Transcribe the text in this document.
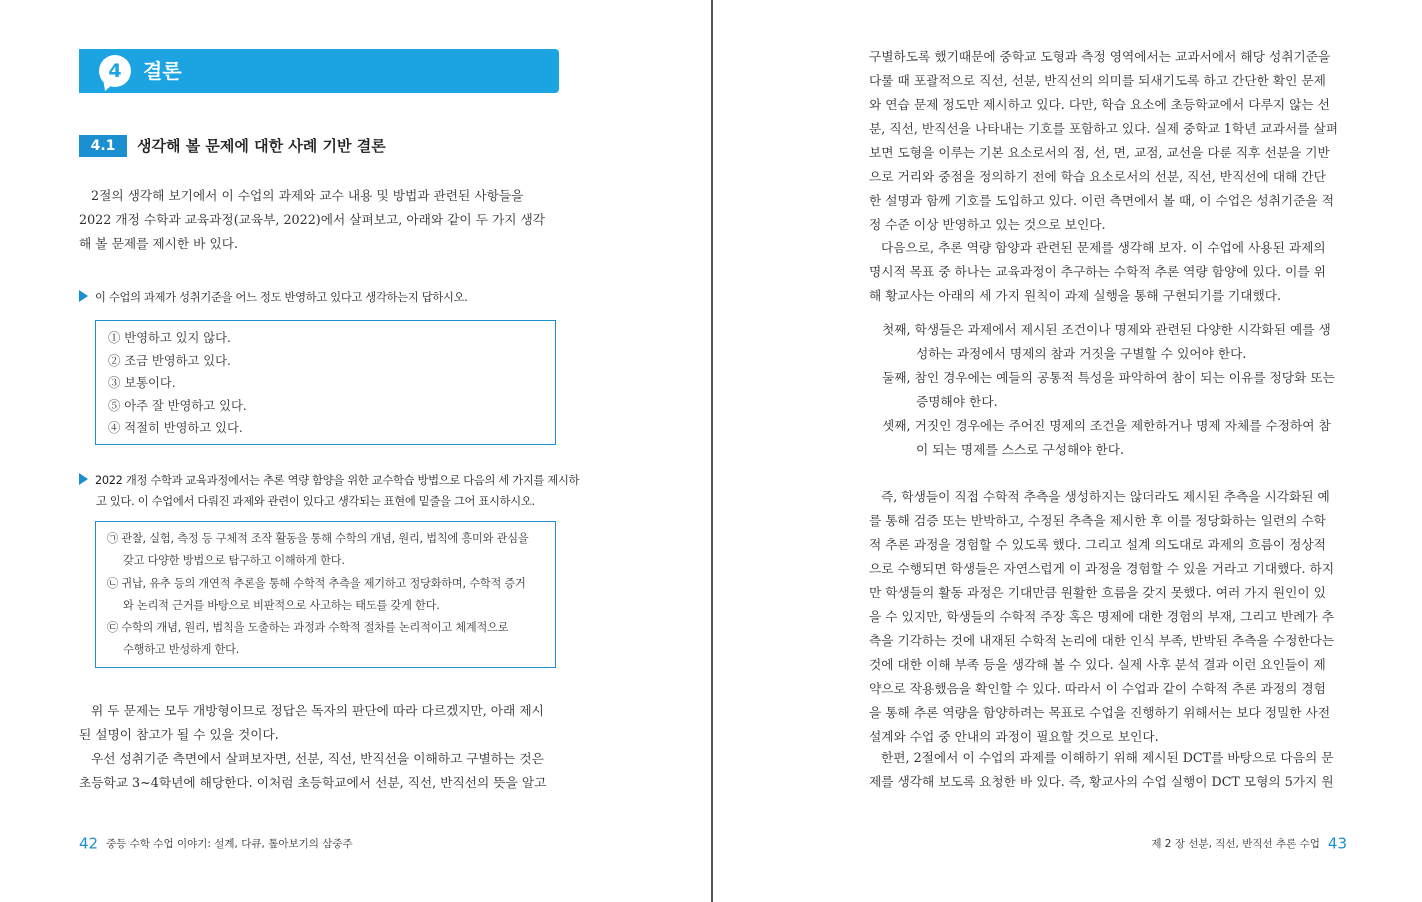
4	결론
4.1 생각해 볼 문제에 대한 사례 기반 결론
2절의 생각해 보기에서 이 수업의 과제와 교수 내용 및 방법과 관련된 사항들을
2022 개정 수학과 교육과정(교육부, 2022)에서 살펴보고, 아래와 같이 두 가지 생각
해 볼 문제를 제시한 바 있다.
이 수업의 과제가 성취기준을 어느 정도 반영하고 있다고 생각하는지 답하시오.
① 반영하고 있지 않다.
② 조금 반영하고 있다.
③ 보통이다.
⑤ 아주 잘 반영하고 있다.
④ 적절히 반영하고 있다.
2022 개정 수학과 교육과정에서는 추론 역량 함양을 위한 교수학습 방법으로 다음의 세 가지를 제시하
고 있다. 이 수업에서 다뤄진 과제와 관련이 있다고 생각되는 표현에 밑줄을 그어 표시하시오.
㉠ 관찰, 실험, 측정 등 구체적 조작 활동을 통해 수학의 개념, 원리, 법칙에 흥미와 관심을
갖고 다양한 방법으로 탐구하고 이해하게 한다.
㉡ 귀납, 유추 등의 개연적 추론을 통해 수학적 추측을 제기하고 정당화하며, 수학적 증거
와 논리적 근거를 바탕으로 비판적으로 사고하는 태도를 갖게 한다.
㉢ 수학의 개념, 원리, 법칙을 도출하는 과정과 수학적 절차를 논리적이고 체계적으로
수행하고 반성하게 한다.
위 두 문제는 모두 개방형이므로 정답은 독자의 판단에 따라 다르겠지만, 아래 제시
된 설명이 참고가 될 수 있을 것이다.
우선 성취기준 측면에서 살펴보자면, 선분, 직선, 반직선을 이해하고 구별하는 것은
초등학교 3~4학년에 해당한다. 이처럼 초등학교에서 선분, 직선, 반직선의 뜻을 알고
42 중등 수학 수업 이야기: 설계, 다큐, 톺아보기의 삼중주
구별하도록 했기때문에 중학교 도형과 측정 영역에서는 교과서에서 해당 성취기준을
다룰 때 포괄적으로 직선, 선분, 반직선의 의미를 되새기도록 하고 간단한 확인 문제
와 연습 문제 정도만 제시하고 있다. 다만, 학습 요소에 초등학교에서 다루지 않는 선
분, 직선, 반직선을 나타내는 기호를 포함하고 있다. 실제 중학교 1학년 교과서를 살펴
보면 도형을 이루는 기본 요소로서의 점, 선, 면, 교점, 교선을 다룬 직후 선분을 기반
으로 거리와 중점을 정의하기 전에 학습 요소로서의 선분, 직선, 반직선에 대해 간단
한 설명과 함께 기호를 도입하고 있다. 이런 측면에서 볼 때, 이 수업은 성취기준을 적
정 수준 이상 반영하고 있는 것으로 보인다.
다음으로, 추론 역량 함양과 관련된 문제를 생각해 보자. 이 수업에 사용된 과제의
명시적 목표 중 하나는 교육과정이 추구하는 수학적 추론 역량 함양에 있다. 이를 위
해 황교사는 아래의 세 가지 원칙이 과제 실행을 통해 구현되기를 기대했다.
첫째, 학생들은 과제에서 제시된 조건이나 명제와 관련된 다양한 시각화된 예를 생
성하는 과정에서 명제의 참과 거짓을 구별할 수 있어야 한다.
둘째, 참인 경우에는 예들의 공통적 특성을 파악하여 참이 되는 이유를 정당화 또는
증명해야 한다.
셋째, 거짓인 경우에는 주어진 명제의 조건을 제한하거나 명제 자체를 수정하여 참
이 되는 명제를 스스로 구성해야 한다.
즉, 학생들이 직접 수학적 추측을 생성하지는 않더라도 제시된 추측을 시각화된 예
를 통해 검증 또는 반박하고, 수정된 추측을 제시한 후 이를 정당화하는 일련의 수학
적 추론 과정을 경험할 수 있도록 했다. 그리고 설계 의도대로 과제의 흐름이 정상적
으로 수행되면 학생들은 자연스럽게 이 과정을 경험할 수 있을 거라고 기대했다. 하지
만 학생들의 활동 과정은 기대만큼 원활한 흐름을 갖지 못했다. 여러 가지 원인이 있
을 수 있지만, 학생들의 수학적 주장 혹은 명제에 대한 경험의 부재, 그리고 반례가 추
측을 기각하는 것에 내재된 수학적 논리에 대한 인식 부족, 반박된 추측을 수정한다는
것에 대한 이해 부족 등을 생각해 볼 수 있다. 실제 사후 분석 결과 이런 요인들이 제
약으로 작용했음을 확인할 수 있다. 따라서 이 수업과 같이 수학적 추론 과정의 경험
을 통해 추론 역량을 함양하려는 목표로 수업을 진행하기 위해서는 보다 정밀한 사전
설계와 수업 중 안내의 과정이 필요할 것으로 보인다.
한편, 2절에서 이 수업의 과제를 이해하기 위해 제시된 DCT를 바탕으로 다음의 문
제를 생각해 보도록 요청한 바 있다. 즉, 황교사의 수업 실행이 DCT 모형의 5가지 원
제 2 장 선분, 직선, 반직선 추론 수업 43
